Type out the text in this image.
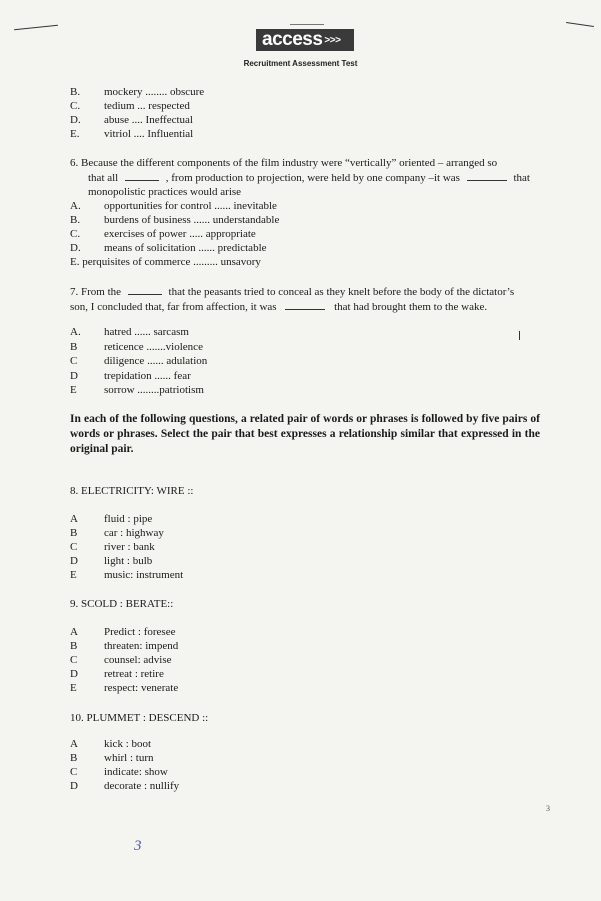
access >>>
Recruitment Assessment Test
B. mockery ........ obscure
C. tedium ... respected
D. abuse .... Ineffectual
E. vitriol .... Influential
6. Because the different components of the film industry were “vertically” oriented – arranged so
that all	, from production to projection, were held by one company –it was	that
monopolistic practices would arise
A. opportunities for control ...... inevitable
B. burdens of business ...... understandable
C. exercises of power ..... appropriate
D. means of solicitation ...... predictable
E. perquisites of commerce ......... unsavory
7. From the	that the peasants tried to conceal as they knelt before the body of the dictator’s
son, I concluded that, far from affection, it was	that had brought them to the wake.
A. hatred ...... sarcasm
B reticence .......violence
C diligence ...... adulation
D trepidation ...... fear
E sorrow ........patriotism
In each of the following questions, a related pair of words or phrases is followed by five pairs of words or phrases. Select the pair that best expresses a relationship similar that expressed in the original pair.
8. ELECTRICITY: WIRE ::
A fluid : pipe
B car : highway
C river : bank
D light : bulb
E music: instrument
9. SCOLD : BERATE::
A Predict : foresee
B threaten: impend
C counsel: advise
D retreat : retire
E respect: venerate
10. PLUMMET : DESCEND ::
A kick : boot
B whirl : turn
C indicate: show
D decorate : nullify
3
3
